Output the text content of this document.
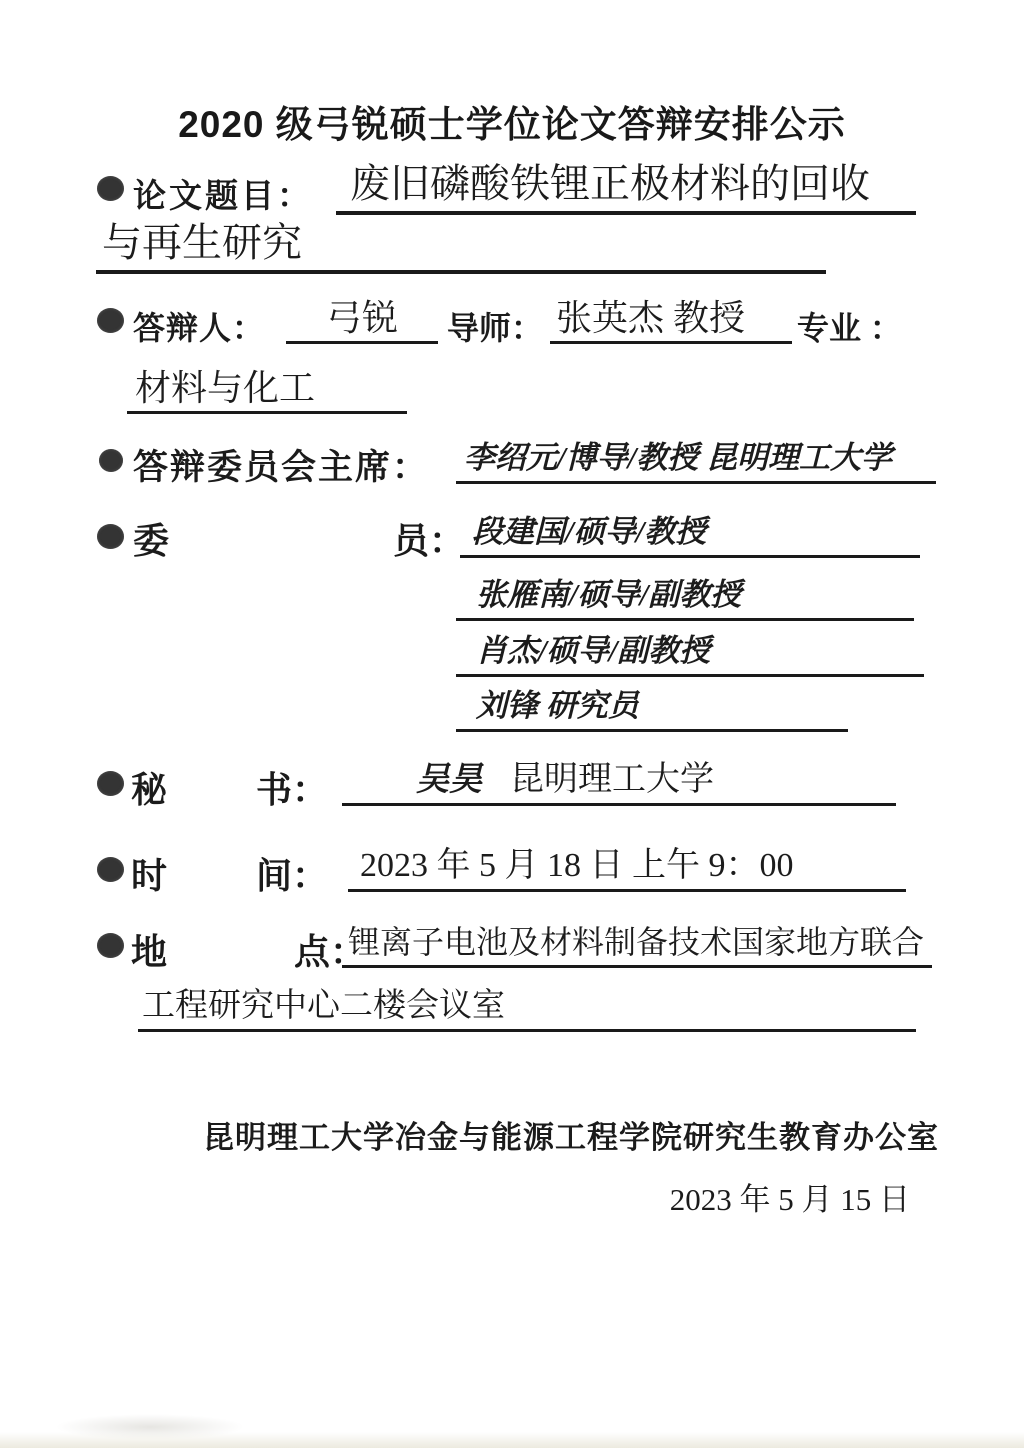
2020 级弓锐硕士学位论文答辩安排公示
论文题目： 废旧磷酸铁锂正极材料的回收
与再生研究
答辩人： 弓锐 导师： 张英杰 教授 专业 ：
材料与化工
答辩委员会主席： 李绍元/博导/教授 昆明理工大学
委	员： 段建国/硕导/教授
张雁南/硕导/副教授
肖杰/硕导/副教授
刘锋 研究员
秘 书：	吴昊 昆明理工大学
时 间： 2023 年 5 月 18 日 上午 9：00
地	点：
锂离子电池及材料制备技术国家地方联合
工程研究中心二楼会议室
昆明理工大学冶金与能源工程学院研究生教育办公室
2023 年 5 月 15 日
